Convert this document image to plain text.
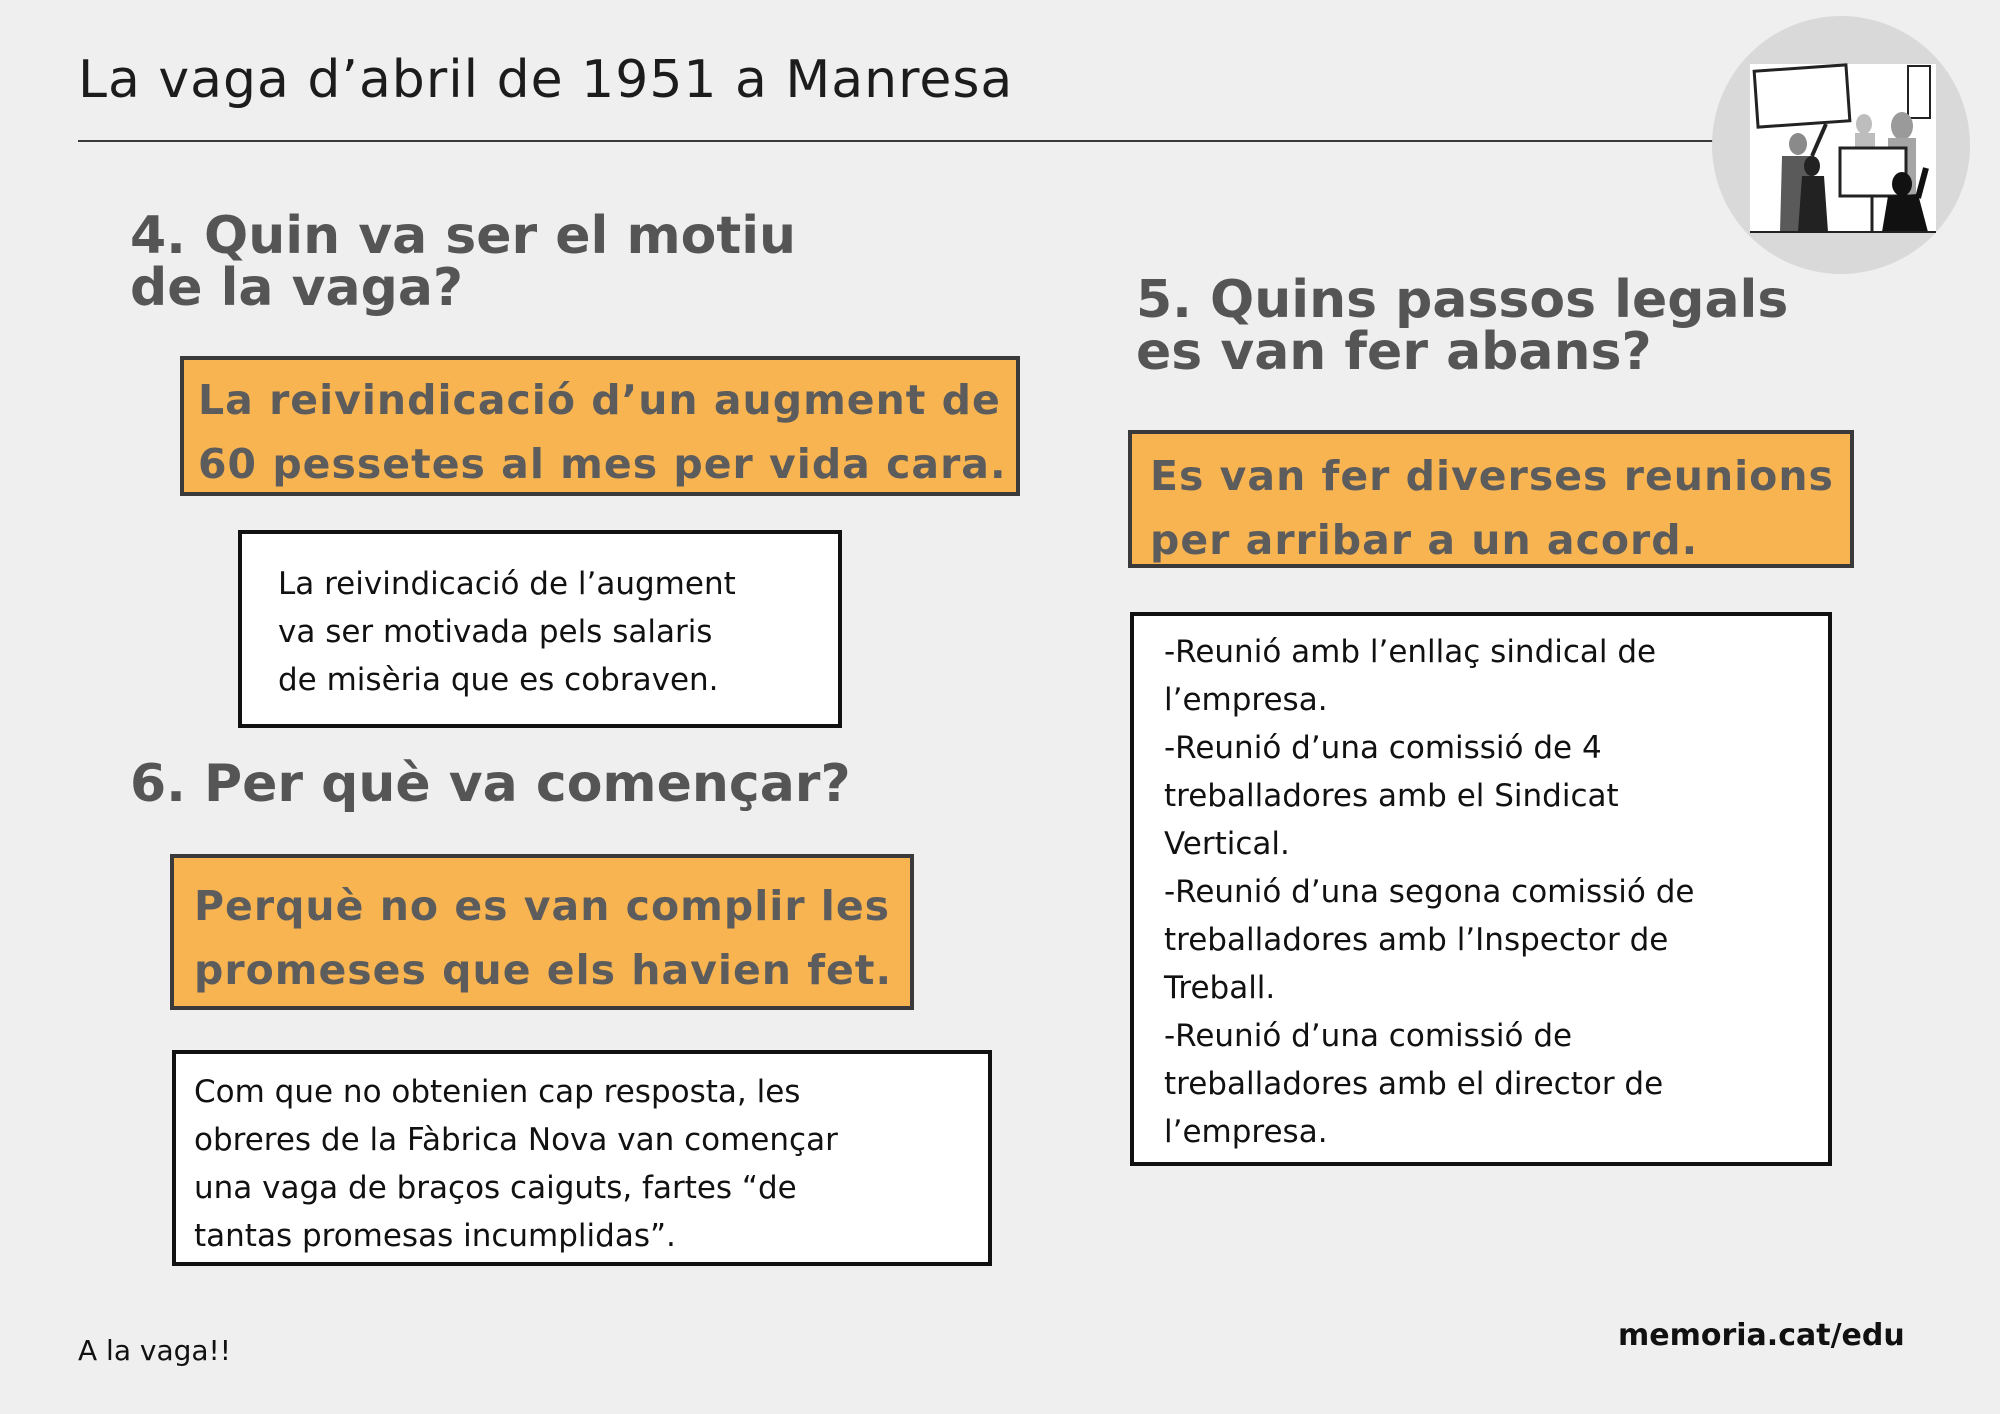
La vaga d’abril de 1951 a Manresa
4. Quin va ser el motiu
de la vaga?
La reivindicació d’un augment de
60 pessetes al mes per vida cara.
La reivindicació de l’augment
va ser motivada pels salaris
de misèria que es cobraven.
6. Per què va començar?
Perquè no es van complir les
promeses que els havien fet.
Com que no obtenien cap resposta, les
obreres de la Fàbrica Nova van començar
una vaga de braços caiguts, fartes “de
tantas promesas incumplidas”.
5. Quins passos legals
es van fer abans?
Es van fer diverses reunions
per arribar a un acord.
-Reunió amb l’enllaç sindical de
l’empresa.
-Reunió d’una comissió de 4
treballadores amb el Sindicat
Vertical.
-Reunió d’una segona comissió de
treballadores amb l’Inspector de
Treball.
-Reunió d’una comissió de
treballadores amb el director de
l’empresa.
A la vaga!!	memoria.cat/edu
